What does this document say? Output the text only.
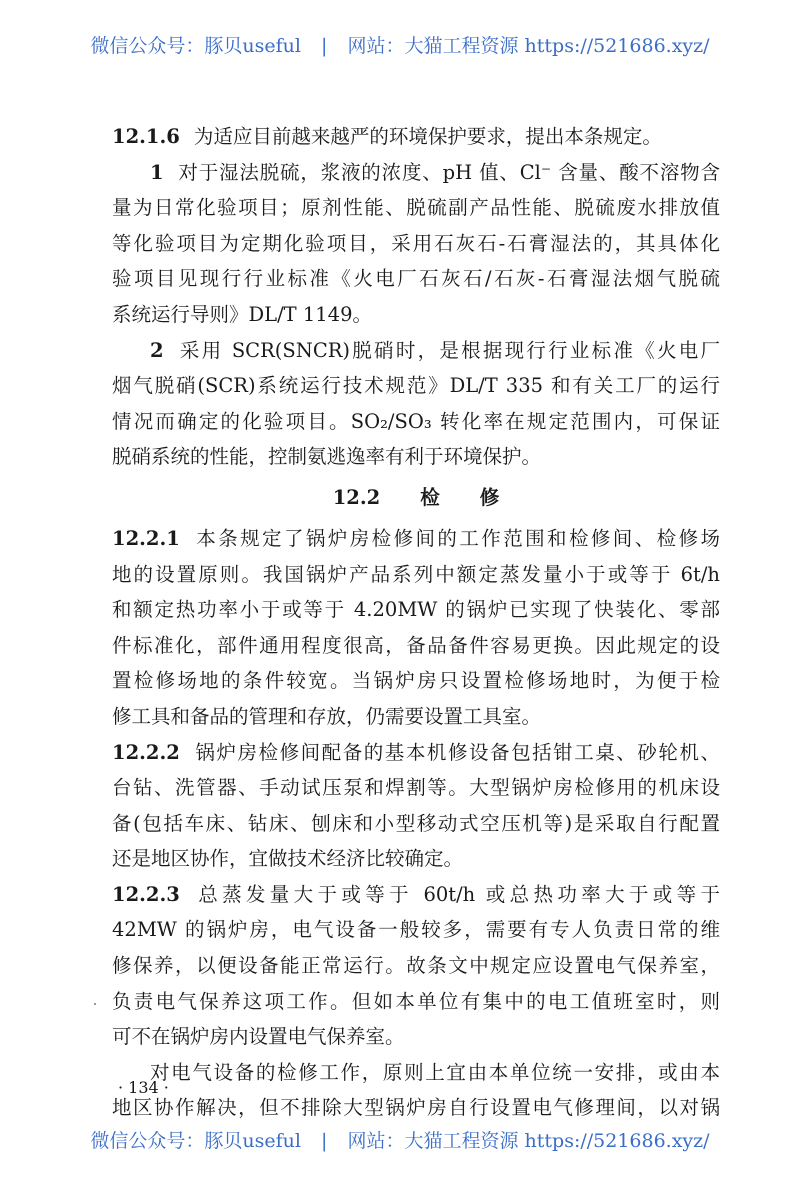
微信公众号：豚贝useful | 网站：大猫工程资源 https://521686.xyz/
12.1.6 为适应目前越来越严的环境保护要求，提出本条规定。
1 对于湿法脱硫，浆液的浓度、pH 值、Cl⁻ 含量、酸不溶物含
量为日常化验项目；原剂性能、脱硫副产品性能、脱硫废水排放值
等化验项目为定期化验项目，采用石灰石-石膏湿法的，其具体化
验项目见现行行业标准《火电厂石灰石/石灰-石膏湿法烟气脱硫
系统运行导则》DL/T 1149。
2 采用 SCR(SNCR)脱硝时，是根据现行行业标准《火电厂
烟气脱硝(SCR)系统运行技术规范》DL/T 335 和有关工厂的运行
情况而确定的化验项目。SO₂/SO₃ 转化率在规定范围内，可保证
脱硝系统的性能，控制氨逃逸率有利于环境保护。
12.2 检 修
12.2.1 本条规定了锅炉房检修间的工作范围和检修间、检修场
地的设置原则。我国锅炉产品系列中额定蒸发量小于或等于 6t/h
和额定热功率小于或等于 4.20MW 的锅炉已实现了快装化、零部
件标准化，部件通用程度很高，备品备件容易更换。因此规定的设
置检修场地的条件较宽。当锅炉房只设置检修场地时，为便于检
修工具和备品的管理和存放，仍需要设置工具室。
12.2.2 锅炉房检修间配备的基本机修设备包括钳工桌、砂轮机、
台钻、洗管器、手动试压泵和焊割等。大型锅炉房检修用的机床设
备(包括车床、钻床、刨床和小型移动式空压机等)是采取自行配置
还是地区协作，宜做技术经济比较确定。
12.2.3 总蒸发量大于或等于 60t/h 或总热功率大于或等于
42MW 的锅炉房，电气设备一般较多，需要有专人负责日常的维
修保养，以便设备能正常运行。故条文中规定应设置电气保养室，
负责电气保养这项工作。但如本单位有集中的电工值班室时，则
可不在锅炉房内设置电气保养室。
对电气设备的检修工作，原则上宜由本单位统一安排，或由本
地区协作解决，但不排除大型锅炉房自行设置电气修理间，以对锅
· 134 ·
微信公众号：豚贝useful | 网站：大猫工程资源 https://521686.xyz/
